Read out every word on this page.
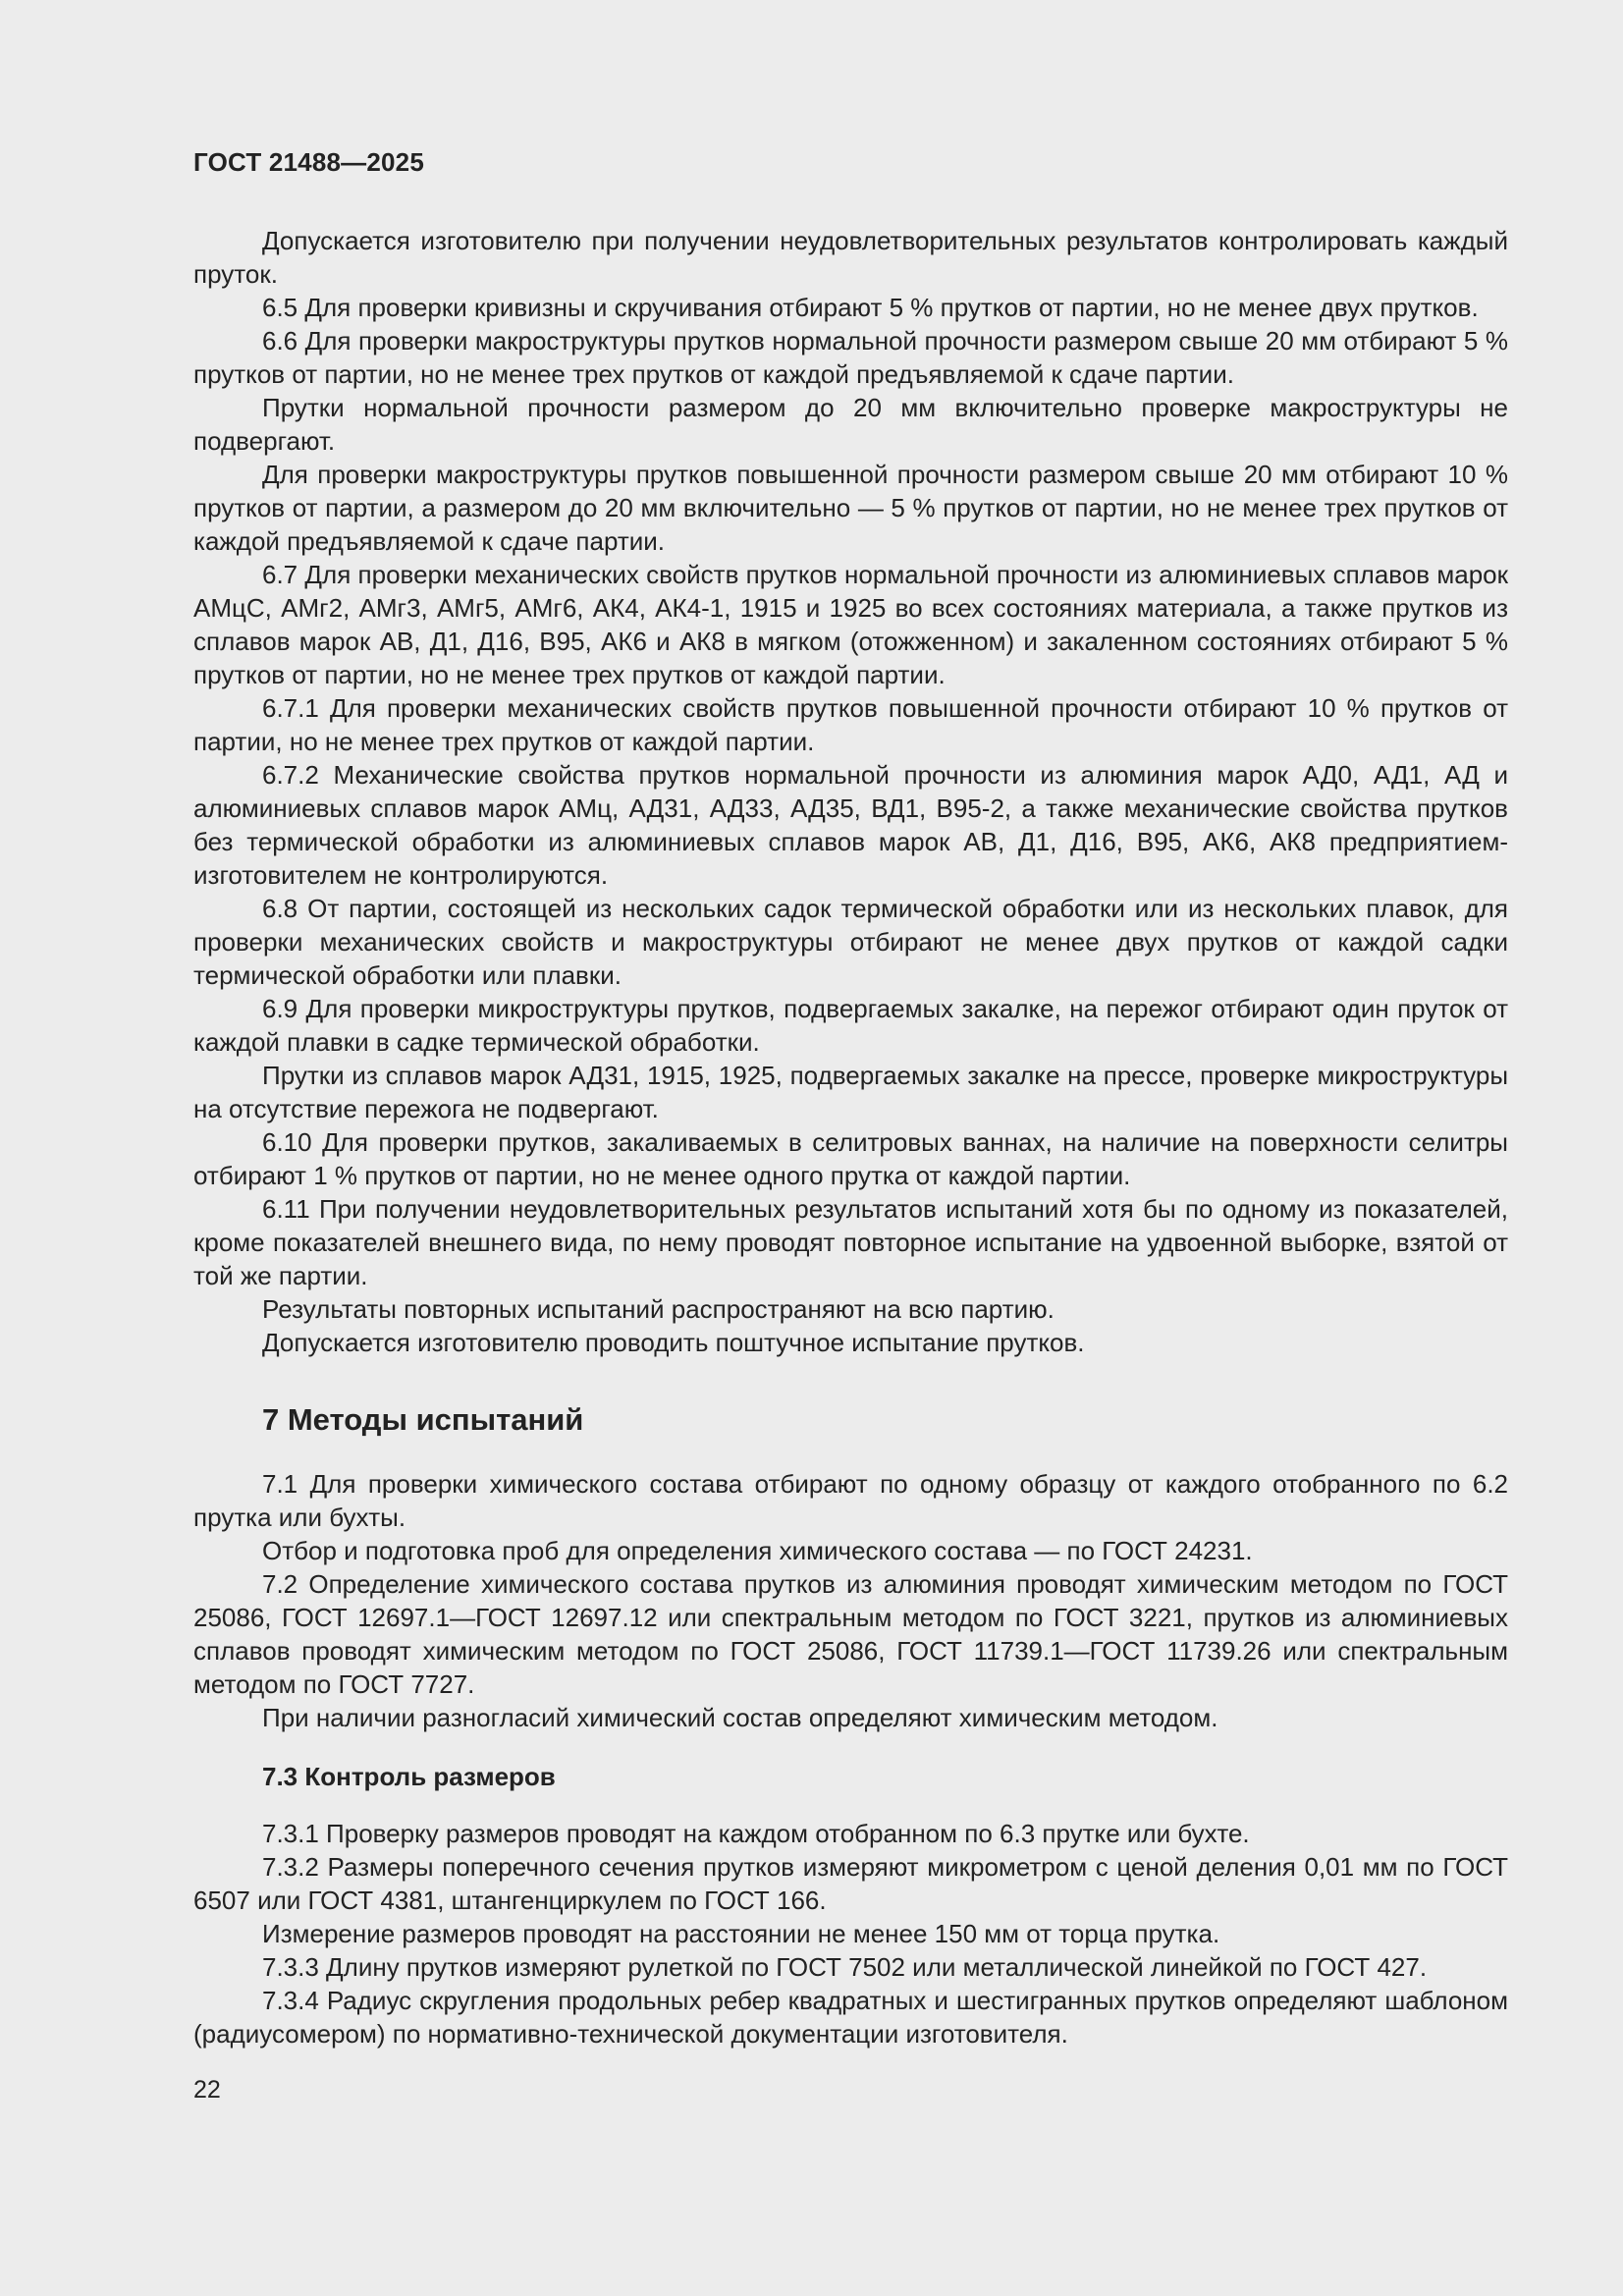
ГОСТ 21488—2025

Допускается изготовителю при получении неудовлетворительных результатов контролировать каждый пруток.

6.5 Для проверки кривизны и скручивания отбирают 5 % прутков от партии, но не менее двух прутков.

6.6 Для проверки макроструктуры прутков нормальной прочности размером свыше 20 мм отбирают 5 % прутков от партии, но не менее трех прутков от каждой предъявляемой к сдаче партии.

Прутки нормальной прочности размером до 20 мм включительно проверке макроструктуры не подвергают.

Для проверки макроструктуры прутков повышенной прочности размером свыше 20 мм отбирают 10 % прутков от партии, а размером до 20 мм включительно — 5 % прутков от партии, но не менее трех прутков от каждой предъявляемой к сдаче партии.

6.7 Для проверки механических свойств прутков нормальной прочности из алюминиевых сплавов марок АМцС, АМг2, АМг3, АМг5, АМг6, АК4, АК4-1, 1915 и 1925 во всех состояниях материала, а также прутков из сплавов марок АВ, Д1, Д16, В95, АК6 и АК8 в мягком (отожженном) и закаленном состояниях отбирают 5 % прутков от партии, но не менее трех прутков от каждой партии.

6.7.1 Для проверки механических свойств прутков повышенной прочности отбирают 10 % прутков от партии, но не менее трех прутков от каждой партии.

6.7.2 Механические свойства прутков нормальной прочности из алюминия марок АД0, АД1, АД и алюминиевых сплавов марок АМц, АД31, АД33, АД35, ВД1, В95-2, а также механические свойства прутков без термической обработки из алюминиевых сплавов марок АВ, Д1, Д16, В95, АК6, АК8 предприятием-изготовителем не контролируются.

6.8 От партии, состоящей из нескольких садок термической обработки или из нескольких плавок, для проверки механических свойств и макроструктуры отбирают не менее двух прутков от каждой садки термической обработки или плавки.

6.9 Для проверки микроструктуры прутков, подвергаемых закалке, на пережог отбирают один пруток от каждой плавки в садке термической обработки.

Прутки из сплавов марок АД31, 1915, 1925, подвергаемых закалке на прессе, проверке микроструктуры на отсутствие пережога не подвергают.

6.10 Для проверки прутков, закаливаемых в селитровых ваннах, на наличие на поверхности селитры отбирают 1 % прутков от партии, но не менее одного прутка от каждой партии.

6.11 При получении неудовлетворительных результатов испытаний хотя бы по одному из показателей, кроме показателей внешнего вида, по нему проводят повторное испытание на удвоенной выборке, взятой от той же партии.

Результаты повторных испытаний распространяют на всю партию.

Допускается изготовителю проводить поштучное испытание прутков.

7 Методы испытаний

7.1 Для проверки химического состава отбирают по одному образцу от каждого отобранного по 6.2 прутка или бухты.

Отбор и подготовка проб для определения химического состава — по ГОСТ 24231.

7.2 Определение химического состава прутков из алюминия проводят химическим методом по ГОСТ 25086, ГОСТ 12697.1—ГОСТ 12697.12 или спектральным методом по ГОСТ 3221, прутков из алюминиевых сплавов проводят химическим методом по ГОСТ 25086, ГОСТ 11739.1—ГОСТ 11739.26 или спектральным методом по ГОСТ 7727.

При наличии разногласий химический состав определяют химическим методом.

7.3 Контроль размеров

7.3.1 Проверку размеров проводят на каждом отобранном по 6.3 прутке или бухте.

7.3.2 Размеры поперечного сечения прутков измеряют микрометром с ценой деления 0,01 мм по ГОСТ 6507 или ГОСТ 4381, штангенциркулем по ГОСТ 166.

Измерение размеров проводят на расстоянии не менее 150 мм от торца прутка.

7.3.3 Длину прутков измеряют рулеткой по ГОСТ 7502 или металлической линейкой по ГОСТ 427.

7.3.4 Радиус скругления продольных ребер квадратных и шестигранных прутков определяют шаблоном (радиусомером) по нормативно-технической документации изготовителя.

22
